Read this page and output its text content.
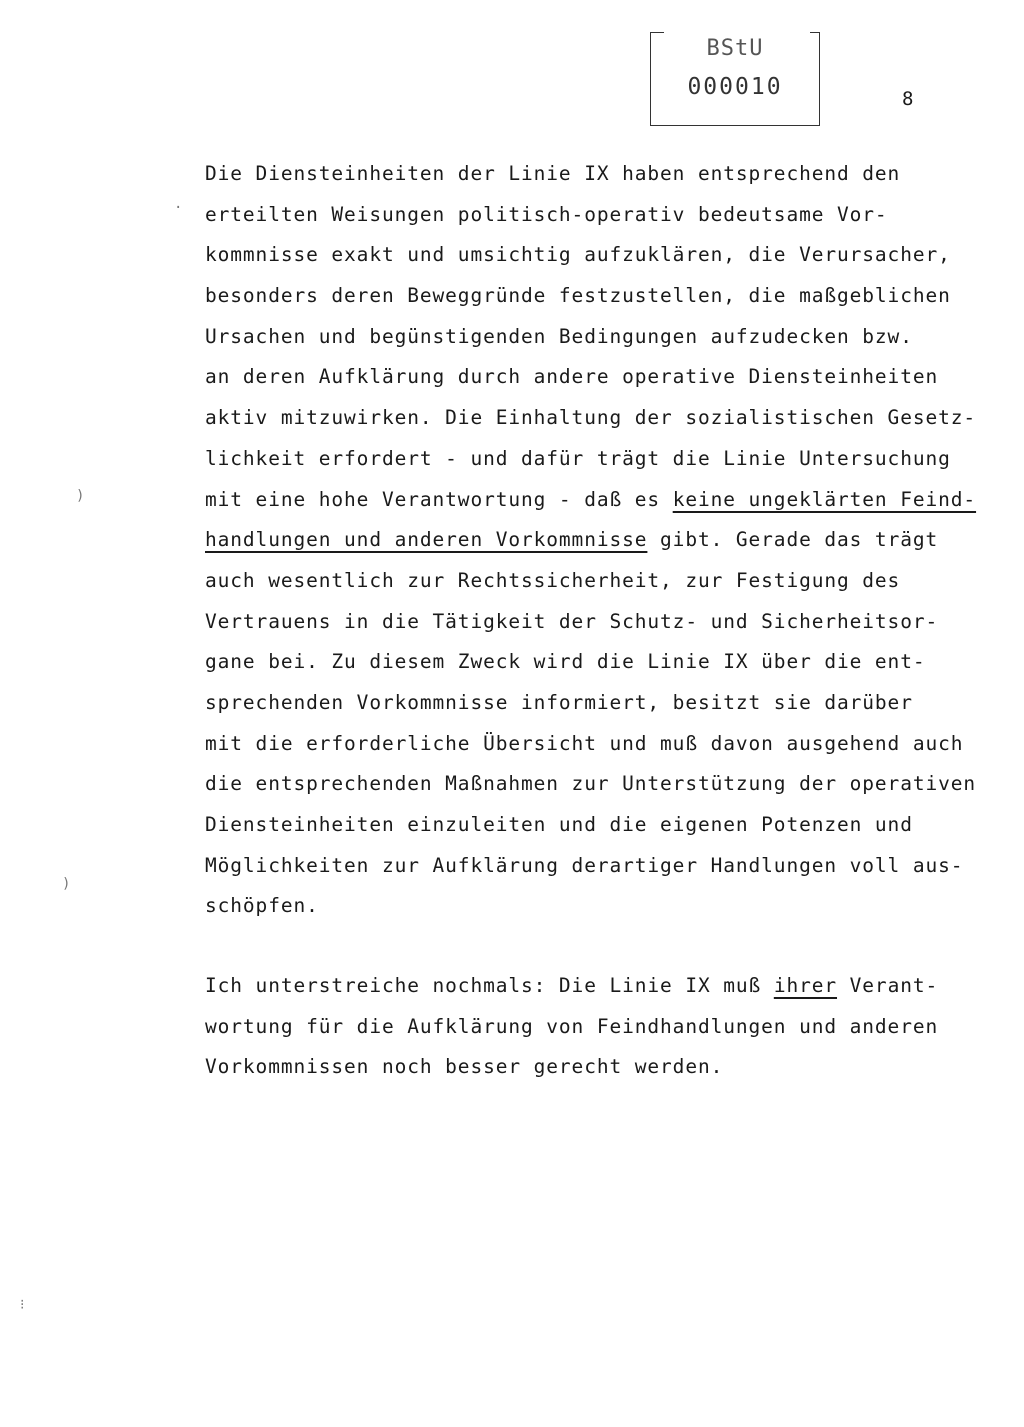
BStU
000010	8
Die Diensteinheiten der Linie IX haben entsprechend den
erteilten Weisungen politisch-operativ bedeutsame Vor-
kommnisse exakt und umsichtig aufzuklären, die Verursacher,
besonders deren Beweggründe festzustellen, die maßgeblichen
Ursachen und begünstigenden Bedingungen aufzudecken bzw.
an deren Aufklärung durch andere operative Diensteinheiten
aktiv mitzuwirken. Die Einhaltung der sozialistischen Gesetz-
lichkeit erfordert - und dafür trägt die Linie Untersuchung
mit eine hohe Verantwortung - daß es keine ungeklärten Feind-
handlungen und anderen Vorkommnisse gibt. Gerade das trägt
auch wesentlich zur Rechtssicherheit, zur Festigung des
Vertrauens in die Tätigkeit der Schutz- und Sicherheitsor-
gane bei. Zu diesem Zweck wird die Linie IX über die ent-
sprechenden Vorkommnisse informiert, besitzt sie darüber
mit die erforderliche Übersicht und muß davon ausgehend auch
die entsprechenden Maßnahmen zur Unterstützung der operativen
Diensteinheiten einzuleiten und die eigenen Potenzen und
Möglichkeiten zur Aufklärung derartiger Handlungen voll aus-
schöpfen.
Ich unterstreiche nochmals: Die Linie IX muß ihrer Verant-
wortung für die Aufklärung von Feindhandlungen und anderen
Vorkommnissen noch besser gerecht werden.
)
)
·
⁝
